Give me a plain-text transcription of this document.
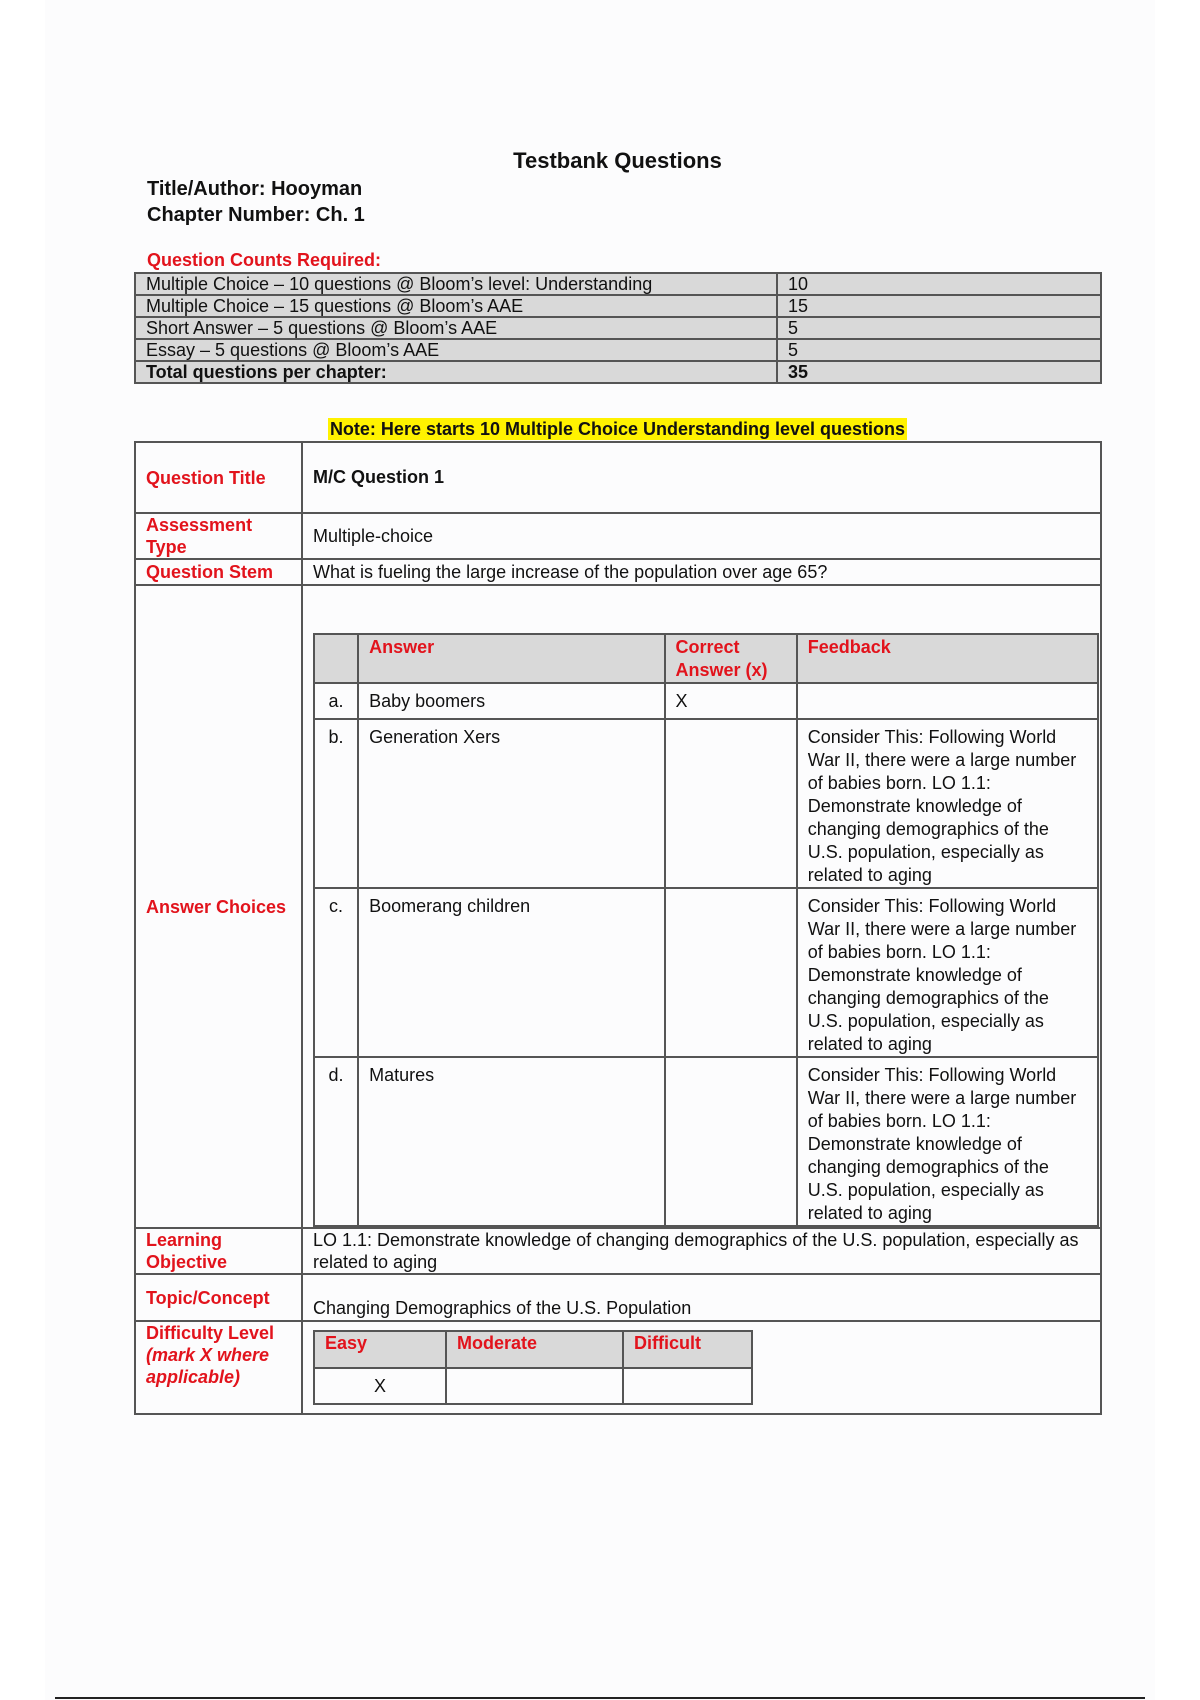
Testbank Questions
Title/Author: Hooyman
Chapter Number: Ch. 1
Question Counts Required:
Multiple Choice – 10 questions @ Bloom’s level: Understanding	10
Multiple Choice – 15 questions @ Bloom’s AAE	15
Short Answer – 5 questions @ Bloom’s AAE	5
Essay – 5 questions @ Bloom’s AAE	5
Total questions per chapter:	35
Note: Here starts 10 Multiple Choice Understanding level questions
Question Title	M/C Question 1
Assessment Type	Multiple-choice
Question Stem	What is fueling the large increase of the population over age 65?
Answer Choices	
	Answer	Correct Answer (x)	Feedback
a.	Baby boomers	X	
b.	Generation Xers		Consider This: Following World War II, there were a large number of babies born. LO 1.1: Demonstrate knowledge of changing demographics of the U.S. population, especially as related to aging
c.	Boomerang children		Consider This: Following World War II, there were a large number of babies born. LO 1.1: Demonstrate knowledge of changing demographics of the U.S. population, especially as related to aging
d.	Matures		Consider This: Following World War II, there were a large number of babies born. LO 1.1: Demonstrate knowledge of changing demographics of the U.S. population, especially as related to aging

Learning Objective	LO 1.1: Demonstrate knowledge of changing demographics of the U.S. population, especially as related to aging
Topic/Concept	Changing Demographics of the U.S. Population

Difficulty Level
(mark X where applicable)

Easy	Moderate	Difficult
X		
